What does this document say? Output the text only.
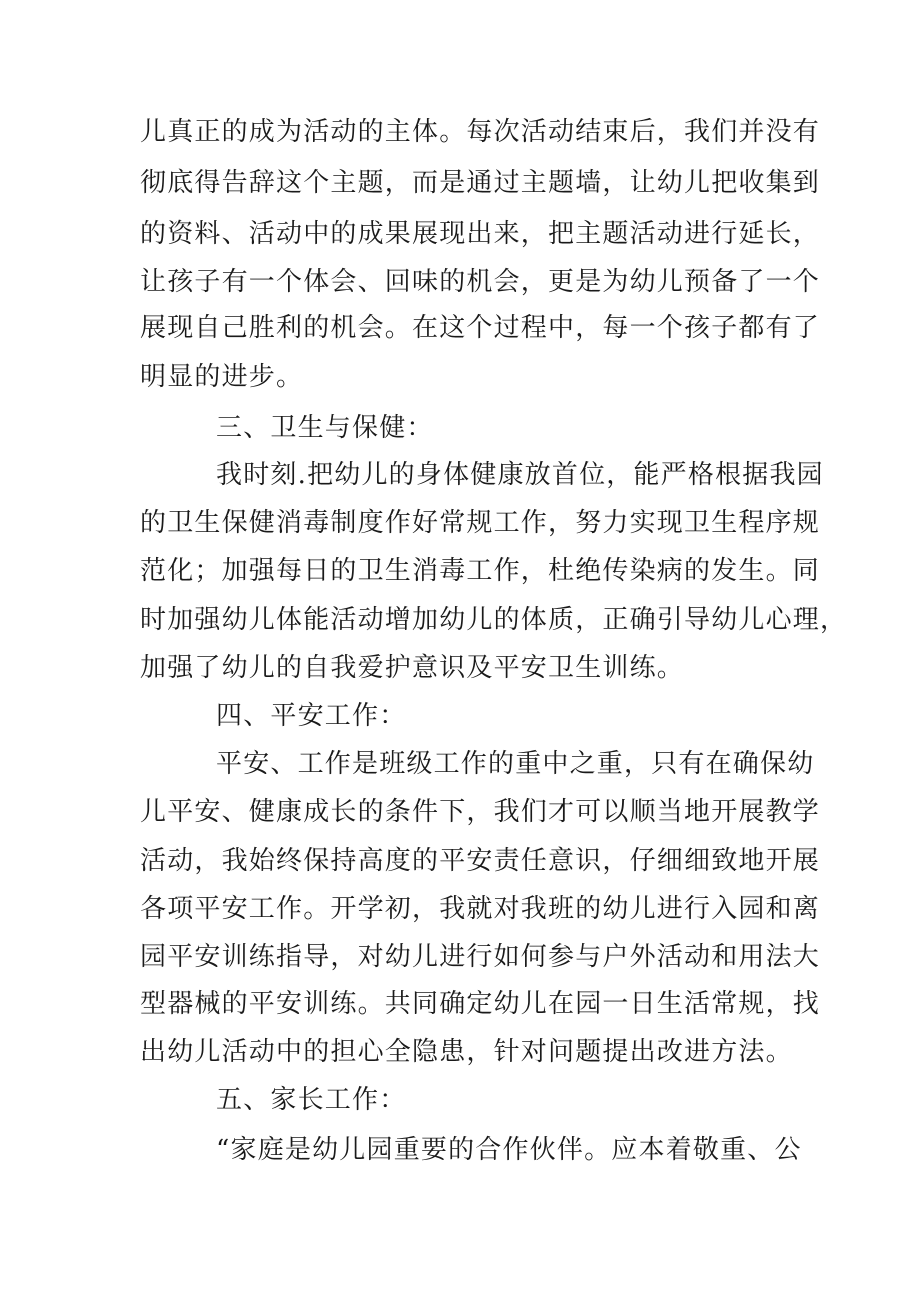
儿真正的成为活动的主体。每次活动结束后，我们并没有
彻底得告辞这个主题，而是通过主题墙，让幼儿把收集到
的资料、活动中的成果展现出来，把主题活动进行延长，
让孩子有一个体会、回味的机会，更是为幼儿预备了一个
展现自己胜利的机会。在这个过程中，每一个孩子都有了
明显的进步。
三、卫生与保健：
我时刻.把幼儿的身体健康放首位，能严格根据我园
的卫生保健消毒制度作好常规工作，努力实现卫生程序规
范化；加强每日的卫生消毒工作，杜绝传染病的发生。同
时加强幼儿体能活动增加幼儿的体质，正确引导幼儿心理，
加强了幼儿的自我爱护意识及平安卫生训练。
四、平安工作：
平安、工作是班级工作的重中之重，只有在确保幼
儿平安、健康成长的条件下，我们才可以顺当地开展教学
活动，我始终保持高度的平安责任意识，仔细细致地开展
各项平安工作。开学初，我就对我班的幼儿进行入园和离
园平安训练指导，对幼儿进行如何参与户外活动和用法大
型器械的平安训练。共同确定幼儿在园一日生活常规，找
出幼儿活动中的担心全隐患，针对问题提出改进方法。
五、家长工作：
“家庭是幼儿园重要的合作伙伴。应本着敬重、公
